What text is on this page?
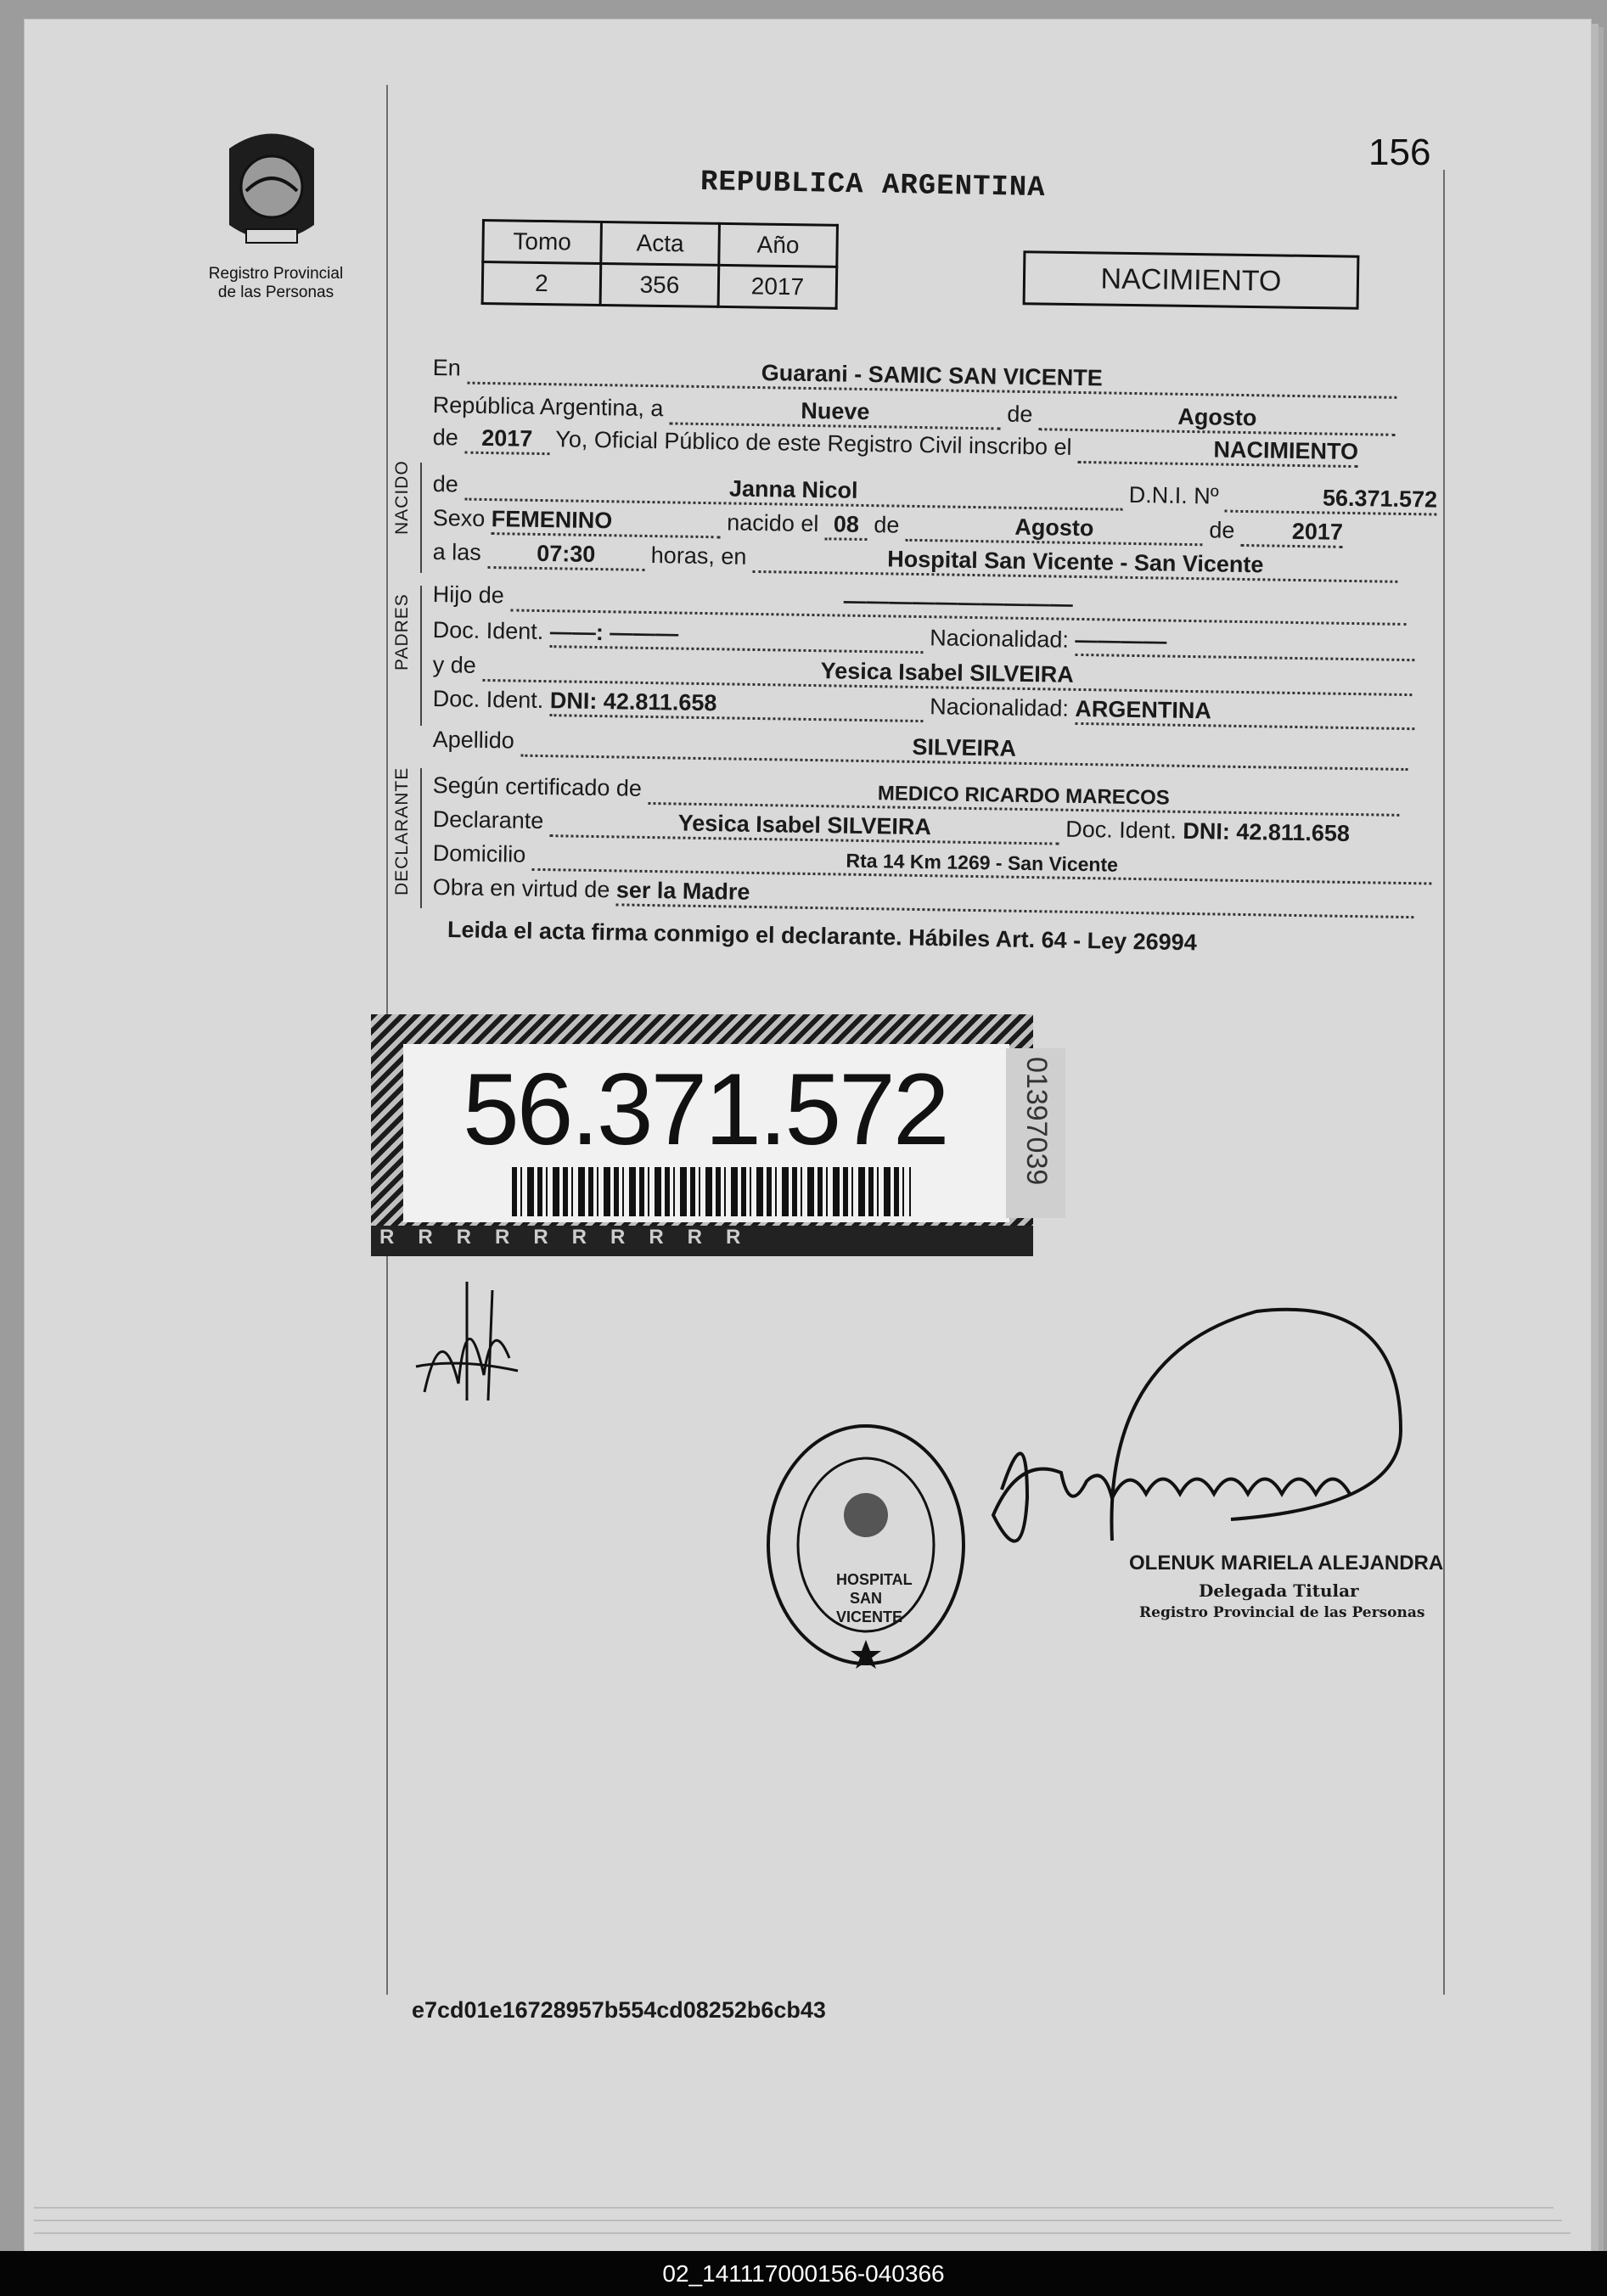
156
Registro Provincial
de las Personas
REPUBLICA ARGENTINA
Tomo	Acta	Año
2	356	2017	NACIMIENTO
NACIDO
PADRES
DECLARANTE
En	Guarani - SAMIC SAN VICENTE
República Argentina, a	Nueve	de	Agosto
de 2017 Yo, Oficial Público de este Registro Civil inscribo el	NACIMIENTO
de	Janna Nicol	D.N.I. Nº	56.371.572
Sexo FEMENINO	nacido el 08 de	Agosto	de 2017
a las 07:30 horas, en	Hospital San Vicente - San Vicente
Hijo de	——————————
Doc. Ident. ——: ———	Nacionalidad: ————
y de	Yesica Isabel SILVEIRA
Doc. Ident. DNI: 42.811.658	Nacionalidad: ARGENTINA
Apellido	SILVEIRA
Según certificado de	MEDICO RICARDO MARECOS
Declarante	Yesica Isabel SILVEIRA	Doc. Ident. DNI: 42.811.658
Domicilio	Rta 14 Km 1269 - San Vicente
Obra en virtud de ser la Madre
Leida el acta firma conmigo el declarante. Hábiles Art. 64 - Ley 26994
56.371.572
RRRRRRRRRR
01397039
HOSPITAL
SAN
VICENTE
OLENUK MARIELA ALEJANDRA
Delegada Titular
Registro Provincial de las Personas
e7cd01e16728957b554cd08252b6cb43
02_141117000156-040366
